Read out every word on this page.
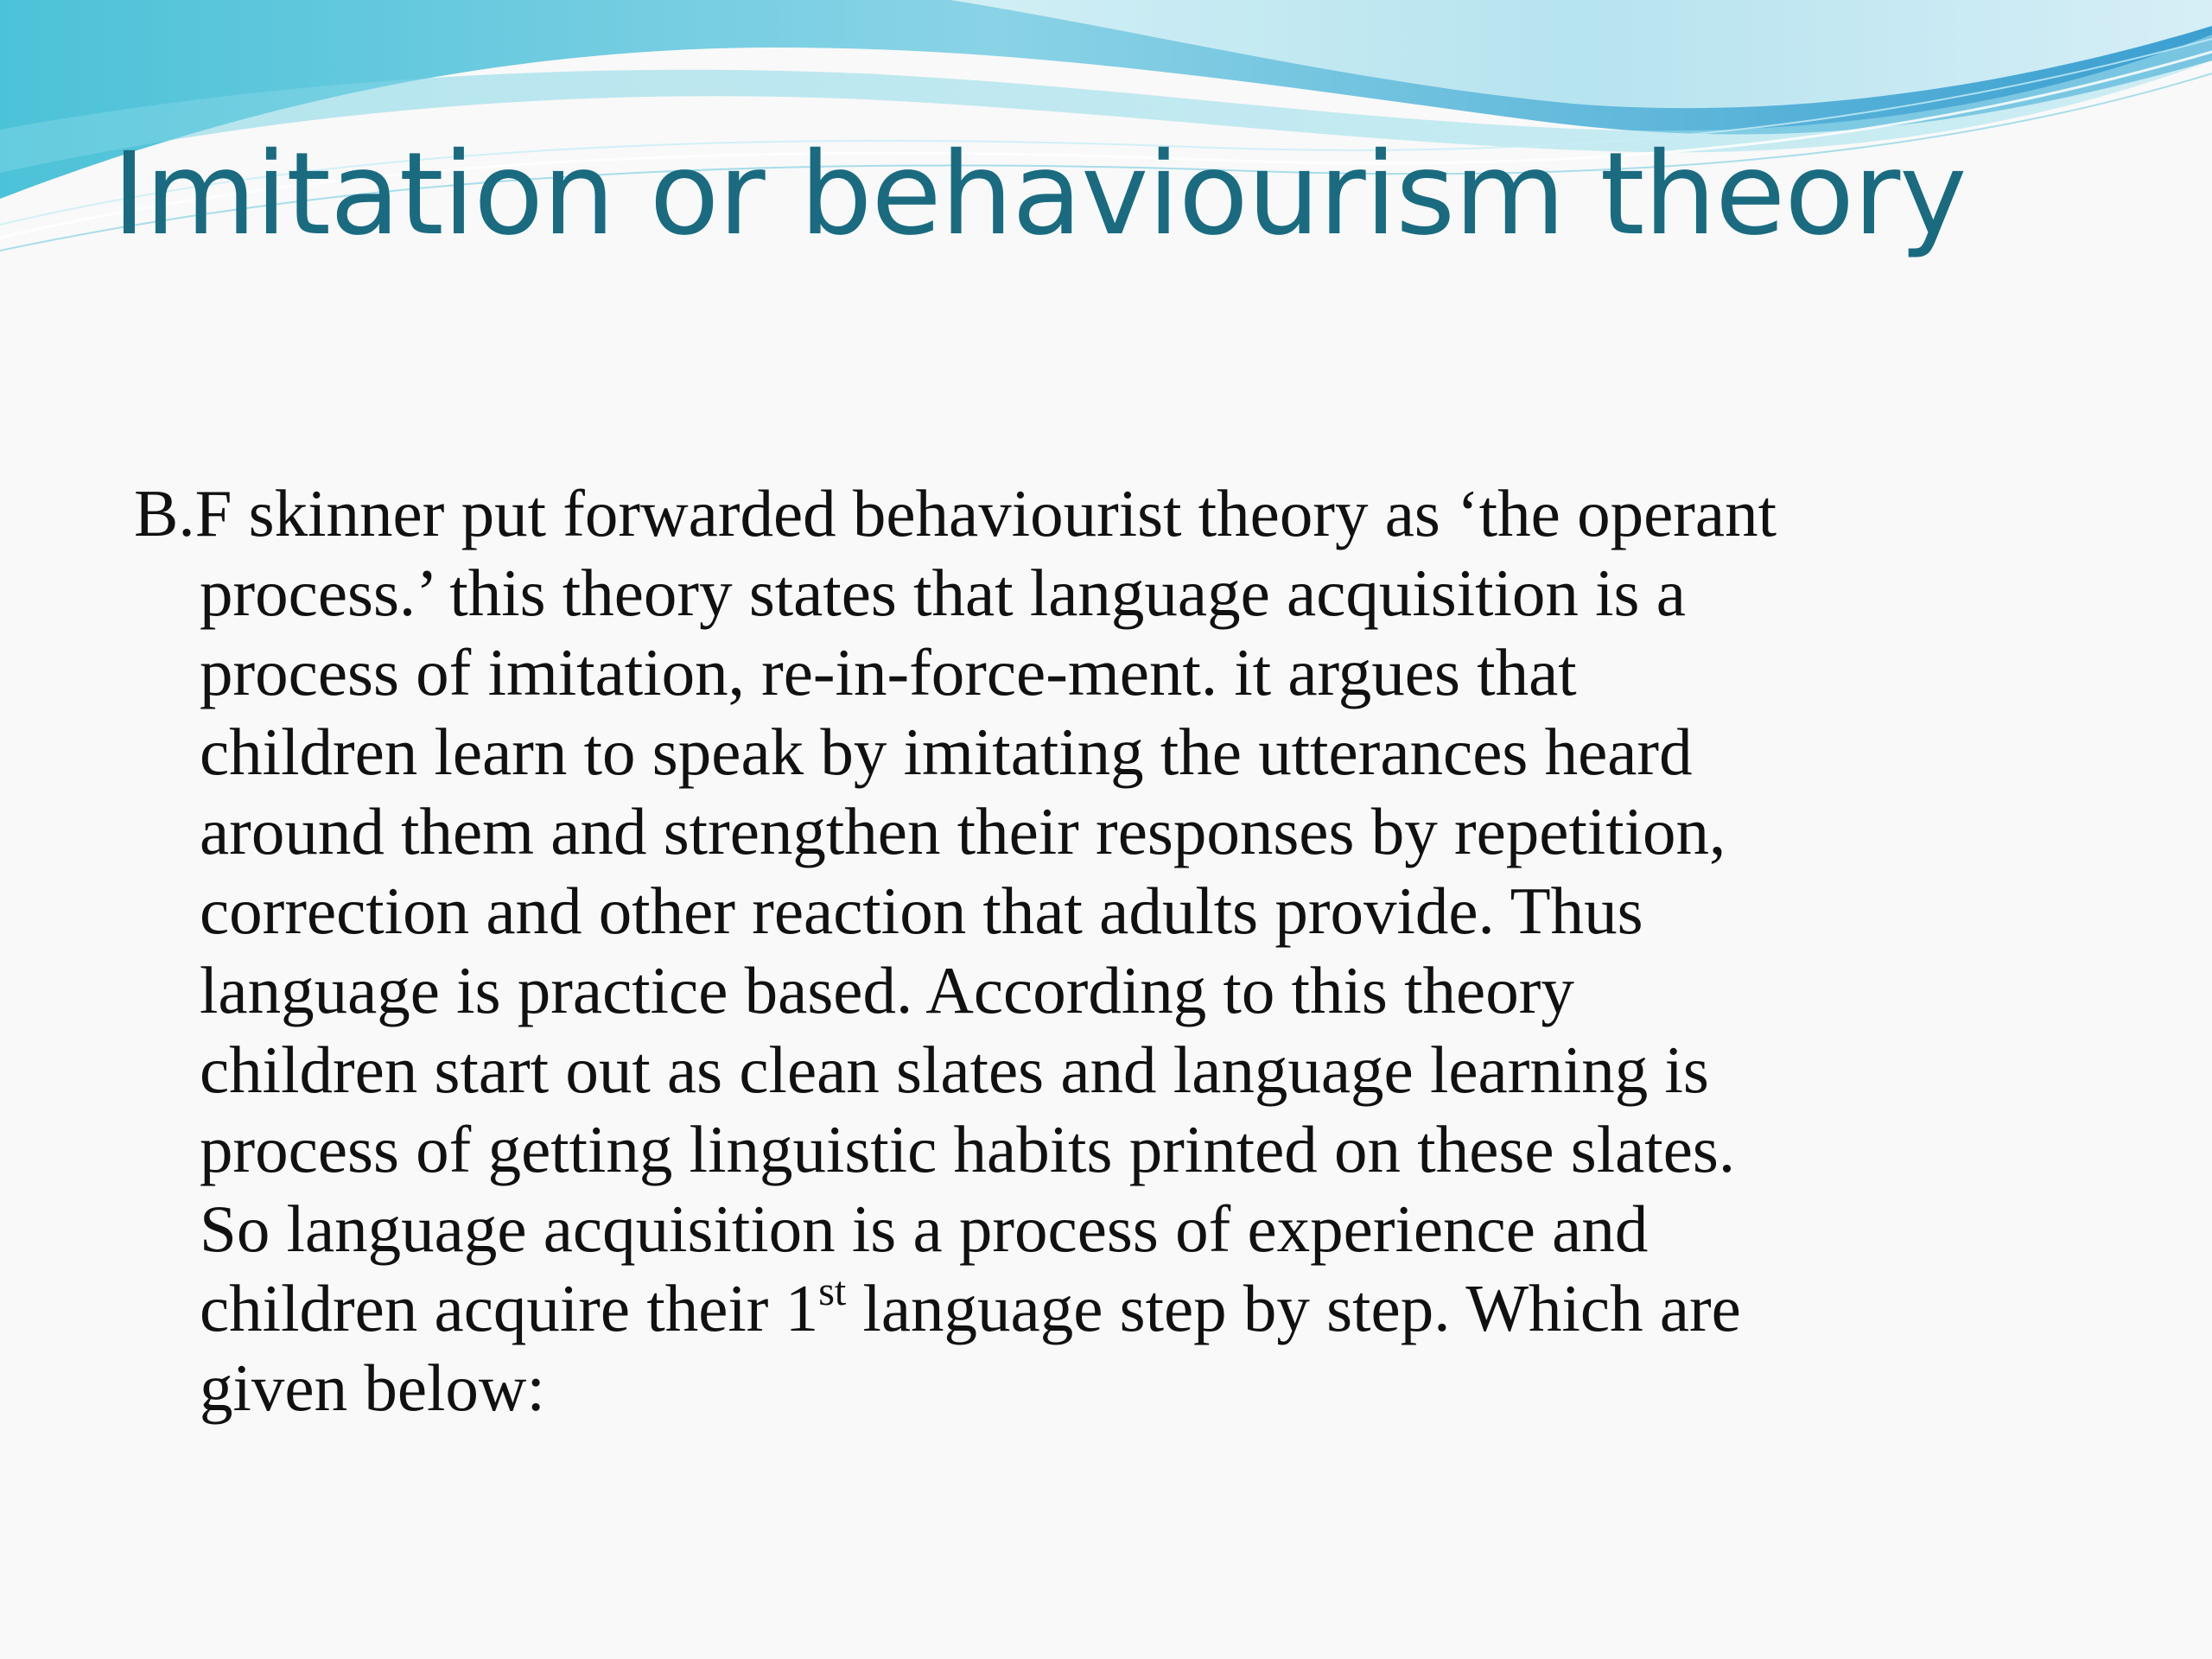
Imitation or behaviourism theory

B.F skinner put forwarded behaviourist theory as ‘the operant
process.’ this theory states that language acquisition is a
process of imitation, re-in-force-ment. it argues that
children learn to speak by imitating the utterances heard
around them and strengthen their responses by repetition,
correction and other reaction that adults provide. Thus
language is practice based. According to this theory
children start out as clean slates and language learning is
process of getting linguistic habits printed on these slates.
So language acquisition is a process of experience and
children acquire their 1st language step by step. Which are
given below:
